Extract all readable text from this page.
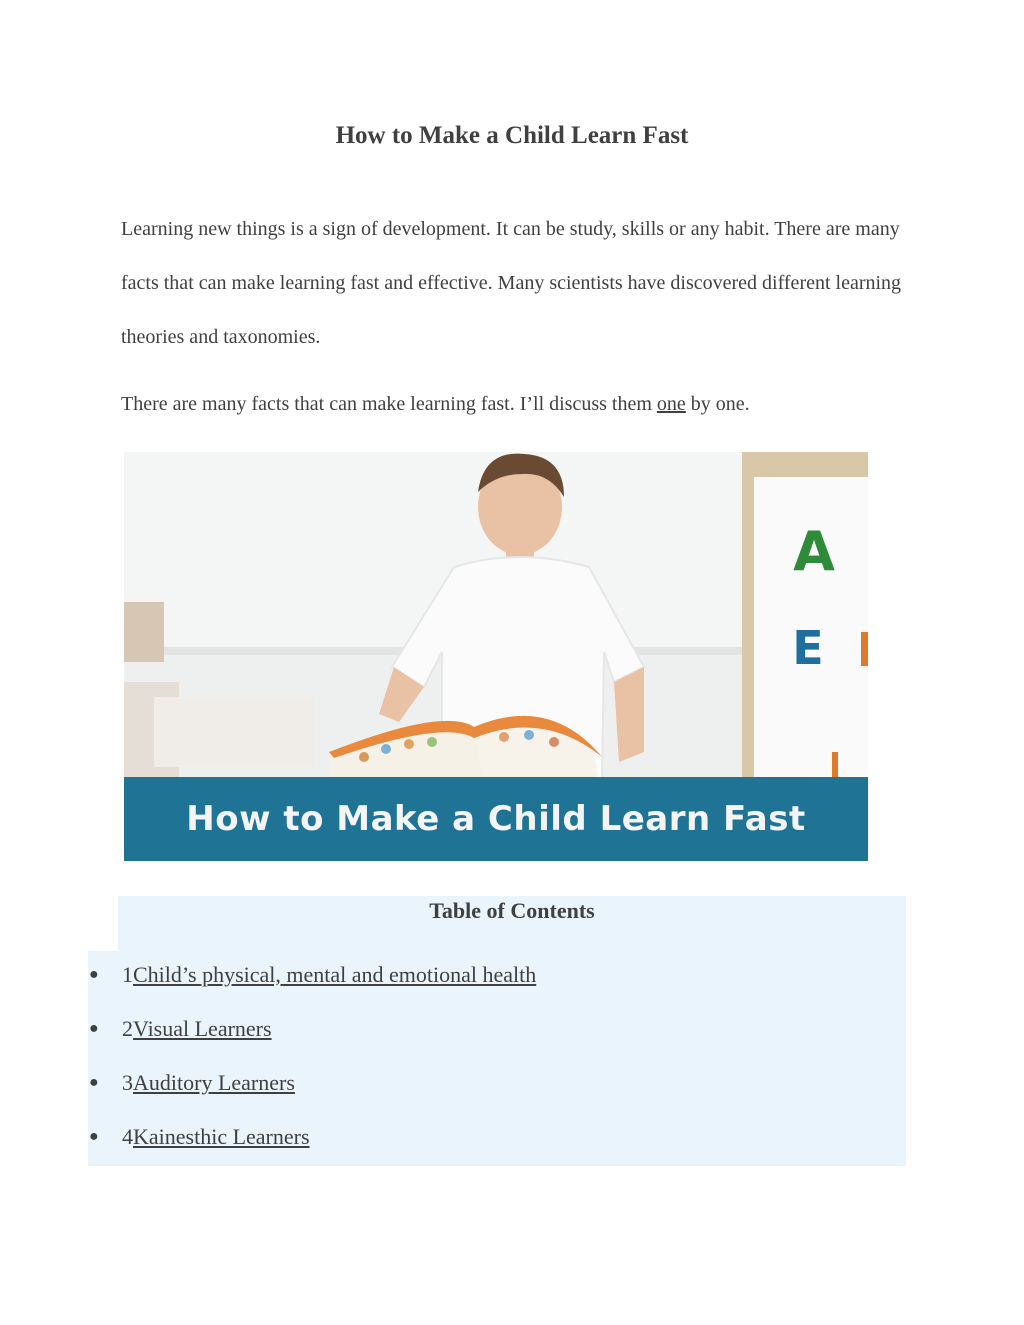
How to Make a Child Learn Fast

Learning new things is a sign of development. It can be study, skills or any habit. There are many facts that can make learning fast and effective. Many scientists have discovered different learning theories and taxonomies.

There are many facts that can make learning fast. I’ll discuss them one by one.

A
E
How to Make a Child Learn Fast
Table of Contents
●	1 Child’s physical, mental and emotional health
●	2 Visual Learners
●	3 Auditory Learners
●	4 Kainesthic Learners
